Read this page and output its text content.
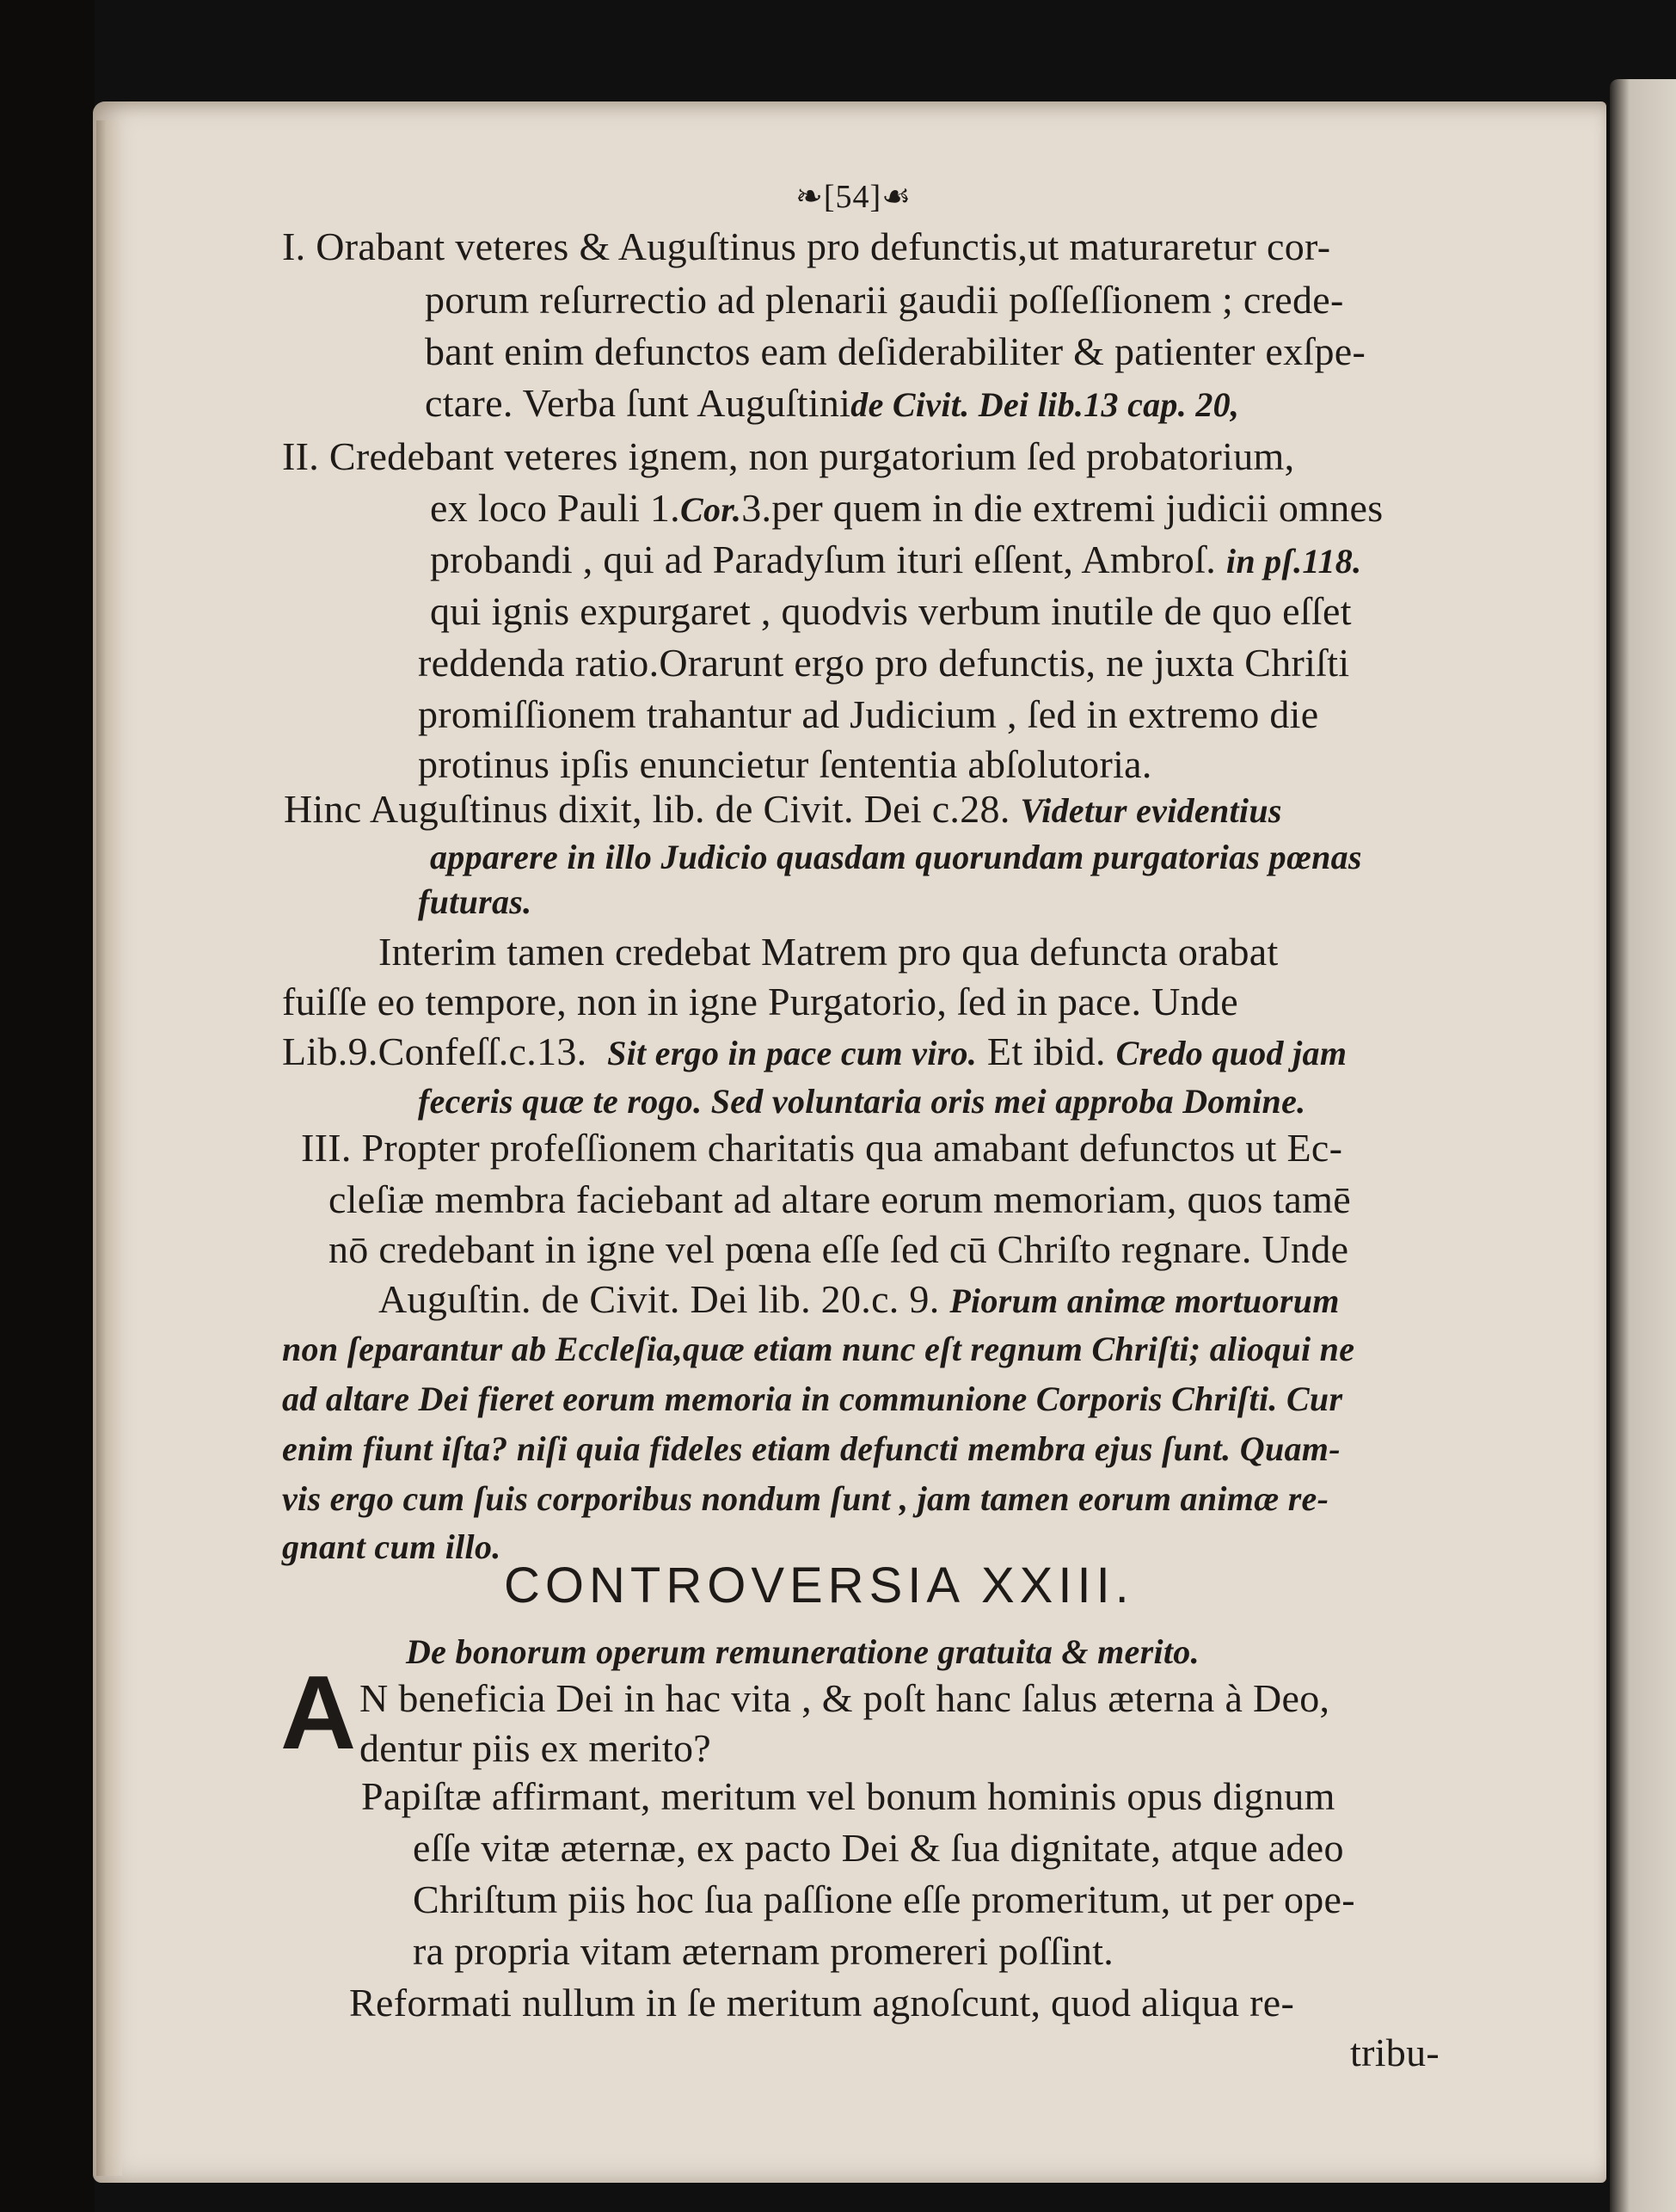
❧[54]☙
I. Orabant veteres & Auguſtinus pro defunctis,ut maturaretur cor-
porum reſurrectio ad plenarii gaudii poſſeſſionem ; crede-
bant enim defunctos eam deſiderabiliter & patienter exſpe-
ctare. Verba ſunt Auguſtinide Civit. Dei lib.13 cap. 20,
II. Credebant veteres ignem, non purgatorium ſed probatorium,
ex loco Pauli 1.Cor.3.per quem in die extremi judicii omnes
probandi , qui ad Paradyſum ituri eſſent, Ambroſ. in pſ.118.
qui ignis expurgaret , quodvis verbum inutile de quo eſſet
reddenda ratio.Orarunt ergo pro defunctis, ne juxta Chriſti
promiſſionem trahantur ad Judicium , ſed in extremo die
protinus ipſis enuncietur ſententia abſolutoria.
Hinc Auguſtinus dixit, lib. de Civit. Dei c.28. Videtur evidentius
apparere in illo Judicio quasdam quorundam purgatorias pœnas
futuras.
Interim tamen credebat Matrem pro qua defuncta orabat
fuiſſe eo tempore, non in igne Purgatorio, ſed in pace. Unde
Lib.9.Confeſſ.c.13. Sit ergo in pace cum viro. Et ibid. Credo quod jam
feceris quæ te rogo. Sed voluntaria oris mei approba Domine.
III. Propter profeſſionem charitatis qua amabant defunctos ut Ec-
cleſiæ membra faciebant ad altare eorum memoriam, quos tamē
nō credebant in igne vel pœna eſſe ſed cū Chriſto regnare. Unde
Auguſtin. de Civit. Dei lib. 20.c. 9. Piorum animæ mortuorum
non ſeparantur ab Eccleſia,quæ etiam nunc eſt regnum Chriſti; alioqui ne
ad altare Dei fieret eorum memoria in communione Corporis Chriſti. Cur
enim fiunt iſta? niſi quia fideles etiam defuncti membra ejus ſunt. Quam-
vis ergo cum ſuis corporibus nondum ſunt , jam tamen eorum animæ re-
gnant cum illo.
CONTROVERSIA XXIII.
De bonorum operum remuneratione gratuita & merito.
A N beneficia Dei in hac vita , & poſt hanc ſalus æterna à Deo,
dentur piis ex merito?
Papiſtæ affirmant, meritum vel bonum hominis opus dignum
eſſe vitæ æternæ, ex pacto Dei & ſua dignitate, atque adeo
Chriſtum piis hoc ſua paſſione eſſe promeritum, ut per ope-
ra propria vitam æternam promereri poſſint.
Reformati nullum in ſe meritum agnoſcunt, quod aliqua re-
tribu-
